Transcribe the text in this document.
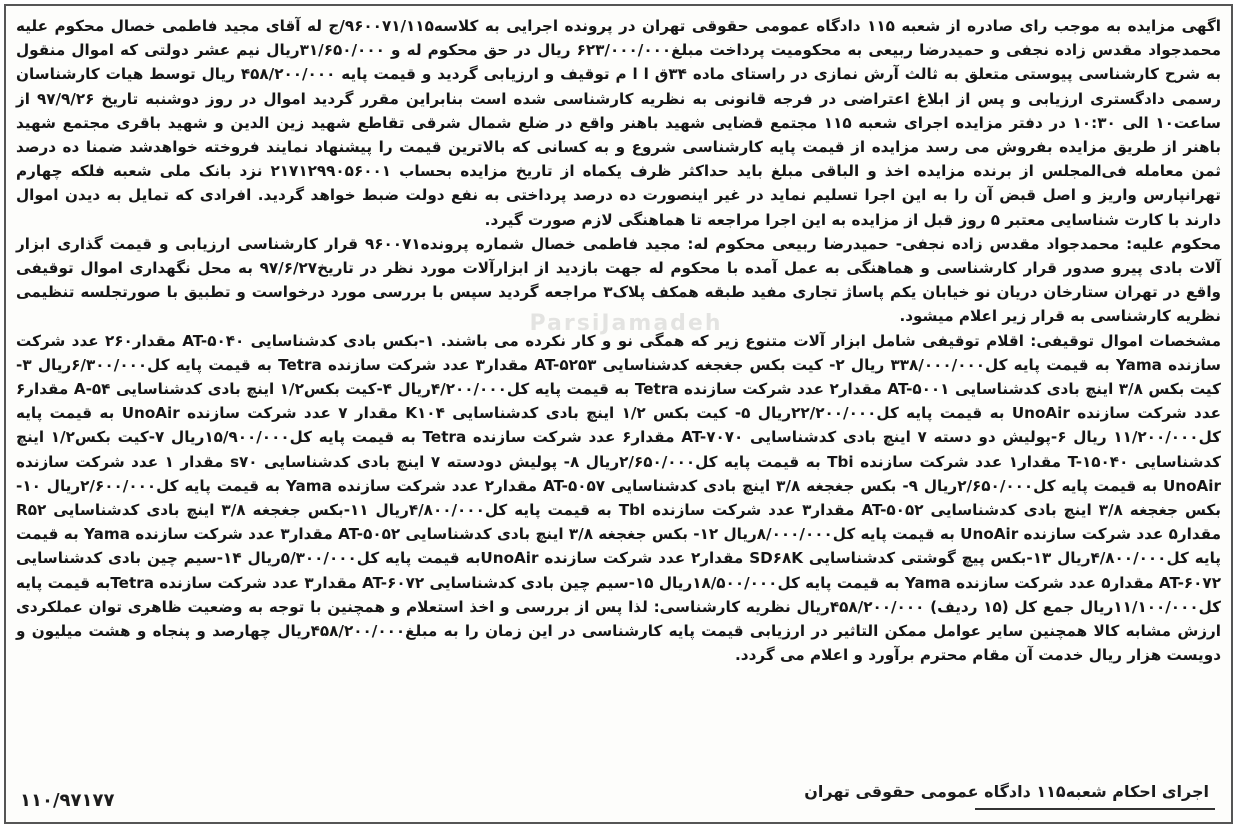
اگهی مزایده به موجب رای صادره از شعبه ۱۱۵ دادگاه عمومی حقوقی تهران در پرونده اجرایی به کلاسه۹۶۰۰۷۱/۱۱۵/ج له آقای مجید فاطمی خصال محکوم علیه محمدجواد مقدس زاده نجفی و حمیدرضا ربیعی به محکومیت پرداخت مبلغ۶۲۳/۰۰۰/۰۰۰ ریال در حق محکوم له و ۳۱/۶۵۰/۰۰۰ریال نیم عشر دولتی که اموال منقول به شرح کارشناسی پیوستی متعلق به ثالث آرش نمازی در راستای ماده ۳۴ق ا ا م توقیف و ارزیابی گردید و قیمت پایه ۴۵۸/۲۰۰/۰۰۰ ریال توسط هیات کارشناسان رسمی دادگستری ارزیابی و پس از ابلاغ اعتراضی در فرجه قانونی به نظریه کارشناسی شده است بنابراین مقرر گردید اموال در روز دوشنبه تاریخ ۹۷/۹/۲۶ از ساعت۱۰ الی ۱۰:۳۰ در دفتر مزایده اجرای شعبه ۱۱۵ مجتمع قضایی شهید باهنر واقع در ضلع شمال شرقی تقاطع شهید زین الدین و شهید باقری مجتمع شهید باهنر از طریق مزایده بفروش می رسد مزایده از قیمت پایه کارشناسی شروع و به کسانی که بالاترین قیمت را پیشنهاد نمایند فروخته خواهدشد ضمنا ده درصد ثمن معامله فی‌المجلس از برنده مزایده اخذ و الباقی مبلغ باید حداکثر ظرف یکماه از تاریخ مزایده بحساب ۲۱۷۱۲۹۹۰۵۶۰۰۱ نزد بانک ملی شعبه فلکه چهارم تهرانپارس واریز و اصل قبض آن را به این اجرا تسلیم نماید در غیر اینصورت ده درصد پرداختی به نفع دولت ضبط خواهد گردید. افرادی که تمایل به دیدن اموال دارند با کارت شناسایی معتبر ۵ روز قبل از مزایده به این اجرا مراجعه تا هماهنگی لازم صورت گیرد.

محکوم علیه: محمدجواد مقدس زاده نجفی- حمیدرضا ربیعی محکوم له: مجید فاطمی خصال شماره پرونده۹۶۰۰۷۱ قرار کارشناسی ارزیابی و قیمت گذاری ابزار آلات بادی پیرو صدور قرار کارشناسی و هماهنگی به عمل آمده با محکوم له جهت بازدید از ابزارآلات مورد نظر در تاریخ۹۷/۶/۲۷ به محل نگهداری اموال توقیفی واقع در تهران ستارخان دریان نو خیابان یکم پاساژ تجاری مفید طبقه همکف پلاک۳ مراجعه گردید سپس با بررسی مورد درخواست و تطبیق با صورتجلسه تنظیمی نظریه کارشناسی به قرار زیر اعلام میشود.

مشخصات اموال توقیفی: اقلام توقیفی شامل ابزار آلات متنوع زیر که همگی نو و کار نکرده می باشند. ۱-بکس بادی کدشناسایی AT-۵۰۴۰ مقدار۲۶۰ عدد شرکت سازنده Yama به قیمت پایه کل۳۳۸/۰۰۰/۰۰۰ ریال ۲- کیت بکس جغجغه کدشناسایی AT-۵۲۵۳ مقدار۳ عدد شرکت سازنده Tetra به قیمت پایه کل۶/۳۰۰/۰۰۰ریال ۳- کیت بکس ۳/۸ اینچ بادی کدشناسایی AT-۵۰۰۱ مقدار۲ عدد شرکت سازنده Tetra به قیمت پایه کل۴/۲۰۰/۰۰۰ریال ۴-کیت بکس۱/۲ اینچ بادی کدشناسایی A-۵۴ مقدار۶ عدد شرکت سازنده UnoAir به قیمت پایه کل۲۲/۲۰۰/۰۰۰ریال ۵- کیت بکس ۱/۲ اینچ بادی کدشناسایی K۱۰۴ مقدار ۷ عدد شرکت سازنده UnoAir به قیمت پایه کل۱۱/۲۰۰/۰۰۰ ریال ۶-پولیش دو دسته ۷ اینچ بادی کدشناسایی AT-۷۰۷۰ مقدار۶ عدد شرکت سازنده Tetra به قیمت پایه کل۱۵/۹۰۰/۰۰۰ریال ۷-کیت بکس۱/۲ اینچ کدشناسایی T-۱۵۰۴۰ مقدار۱ عدد شرکت سازنده Tbi به قیمت پایه کل۲/۶۵۰/۰۰۰ریال ۸- پولیش دودسته ۷ اینچ بادی کدشناسایی s۷۰ مقدار ۱ عدد شرکت سازنده UnoAir به قیمت پایه کل۲/۶۵۰/۰۰۰ریال ۹- بکس جغجغه ۳/۸ اینچ بادی کدشناسایی AT-۵۰۵۷ مقدار۲ عدد شرکت سازنده Yama به قیمت پایه کل۲/۶۰۰/۰۰۰ریال ۱۰- بکس جغجغه ۳/۸ اینچ بادی کدشناسایی AT-۵۰۵۲ مقدار۳ عدد شرکت سازنده Tbl به قیمت پایه کل۴/۸۰۰/۰۰۰ریال ۱۱-بکس جغجغه ۳/۸ اینچ بادی کدشناسایی R۵۲ مقدار۵ عدد شرکت سازنده UnoAir به قیمت پایه کل۸/۰۰۰/۰۰۰ریال ۱۲- بکس جغجغه ۳/۸ اینچ بادی کدشناسایی AT-۵۰۵۲ مقدار۳ عدد شرکت سازنده Yama به قیمت پایه کل۴/۸۰۰/۰۰۰ریال ۱۳-بکس پیچ گوشتی کدشناسایی SD۶۸K مقدار۲ عدد شرکت سازنده UnoAirبه قیمت پایه کل۵/۳۰۰/۰۰۰ریال ۱۴-سیم چین بادی کدشناسایی AT-۶۰۷۲ مقدار۵ عدد شرکت سازنده Yama به قیمت پایه کل۱۸/۵۰۰/۰۰۰ریال ۱۵-سیم چین بادی کدشناسایی AT-۶۰۷۲ مقدار۳ عدد شرکت سازنده Tetraبه قیمت پایه کل۱۱/۱۰۰/۰۰۰ریال جمع کل (۱۵ ردیف) ۴۵۸/۲۰۰/۰۰۰ریال نظریه کارشناسی: لذا پس از بررسی و اخذ استعلام و همچنین با توجه به وضعیت ظاهری توان عملکردی ارزش مشابه کالا همچنین سایر عوامل ممکن التاثیر در ارزیابی قیمت پایه کارشناسی در این زمان را به مبلغ۴۵۸/۲۰۰/۰۰۰ریال چهارصد و پنجاه و هشت میلیون و دویست هزار ریال خدمت آن مقام محترم برآورد و اعلام می گردد.

ParsiJamadeh
اجرای احکام شعبه۱۱۵ دادگاه عمومی حقوقی تهران
۱۱۰/۹۷۱۷۷
